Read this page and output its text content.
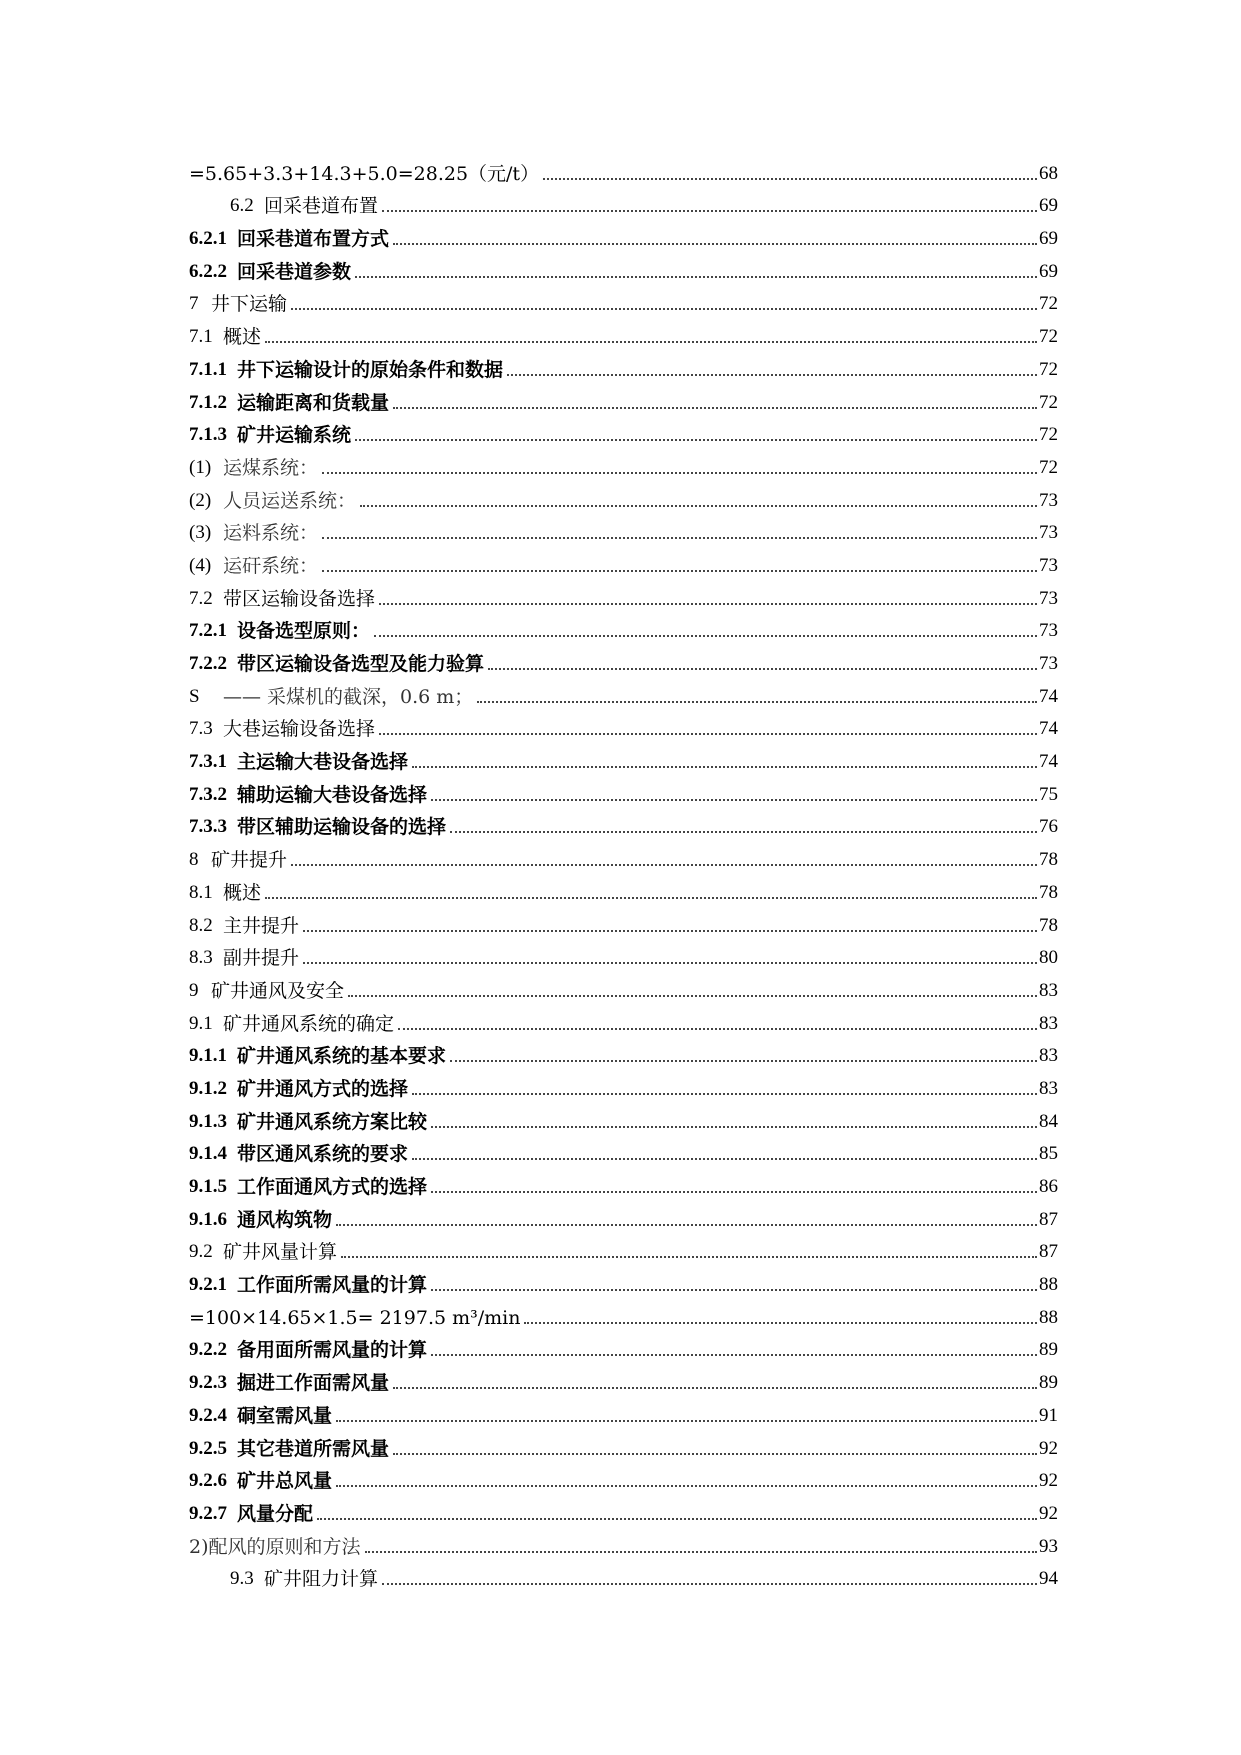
=5.65+3.3+14.3+5.0=28.25（元/t）	68
6.2 回采巷道布置	69
6.2.1 回采巷道布置方式	69
6.2.2 回采巷道参数	69
7 井下运输	72
7.1 概述	72
7.1.1 井下运输设计的原始条件和数据	72
7.1.2 运输距离和货载量	72
7.1.3 矿井运输系统	72
(1) 运煤系统：	72
(2) 人员运送系统：	73
(3) 运料系统：	73
(4) 运矸系统：	73
7.2 带区运输设备选择	73
7.2.1 设备选型原则：	73
7.2.2 带区运输设备选型及能力验算	73
S	—— 采煤机的截深，0.6 m；	74
7.3 大巷运输设备选择	74
7.3.1 主运输大巷设备选择	74
7.3.2 辅助运输大巷设备选择	75
7.3.3 带区辅助运输设备的选择	76
8 矿井提升	78
8.1 概述	78
8.2 主井提升	78
8.3 副井提升	80
9 矿井通风及安全	83
9.1 矿井通风系统的确定	83
9.1.1 矿井通风系统的基本要求	83
9.1.2 矿井通风方式的选择	83
9.1.3 矿井通风系统方案比较	84
9.1.4 带区通风系统的要求	85
9.1.5 工作面通风方式的选择	86
9.1.6 通风构筑物	87
9.2 矿井风量计算	87
9.2.1 工作面所需风量的计算	88
=100×14.65×1.5= 2197.5 m³/min	88
9.2.2 备用面所需风量的计算	89
9.2.3 掘进工作面需风量	89
9.2.4 硐室需风量	91
9.2.5 其它巷道所需风量	92
9.2.6 矿井总风量	92
9.2.7 风量分配	92
2)配风的原则和方法	93
9.3 矿井阻力计算	94
